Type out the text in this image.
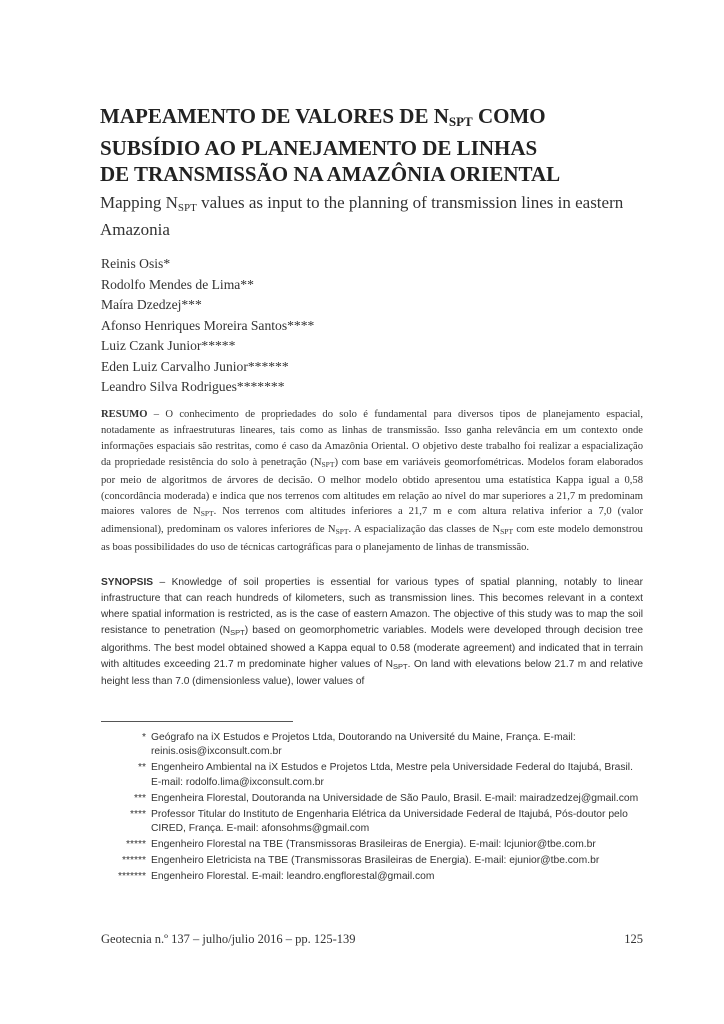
MAPEAMENTO DE VALORES DE $N_{SPT}$ COMO
SUBSÍDIO AO PLANEJAMENTO DE LINHAS
DE TRANSMISSÃO NA AMAZÔNIA ORIENTAL

Mapping $N_{SPT}$ values as input to the planning of transmission lines in eastern Amazonia

Reinis Osis*
Rodolfo Mendes de Lima**
Maíra Dzedzej***
Afonso Henriques Moreira Santos****
Luiz Czank Junior*****
Eden Luiz Carvalho Junior******
Leandro Silva Rodrigues*******

RESUMO – O conhecimento de propriedades do solo é fundamental para diversos tipos de planejamento espacial, notadamente as infraestruturas lineares, tais como as linhas de transmissão. Isso ganha relevância em um contexto onde informações espaciais são restritas, como é caso da Amazônia Oriental. O objetivo deste trabalho foi realizar a espacialização da propriedade resistência do solo à penetração $(N_{SPT})$ com base em variáveis geomorfométricas. Modelos foram elaborados por meio de algoritmos de árvores de decisão. O melhor modelo obtido apresentou uma estatística Kappa igual a 0,58 (concordância moderada) e indica que nos terrenos com altitudes em relação ao nível do mar superiores a 21,7 m predominam maiores valores de $N_{SPT}$. Nos terrenos com altitudes inferiores a 21,7 m e com altura relativa inferior a 7,0 (valor adimensional), predominam os valores inferiores de $N_{SPT}$. A espacialização das classes de $N_{SPT}$ com este modelo demonstrou as boas possibilidades do uso de técnicas cartográficas para o planejamento de linhas de transmissão.

SYNOPSIS – Knowledge of soil properties is essential for various types of spatial planning, notably to linear infrastructure that can reach hundreds of kilometers, such as transmission lines. This becomes relevant in a context where spatial information is restricted, as is the case of eastern Amazon. The objective of this study was to map the soil resistance to penetration $(N_{SPT})$ based on geomorphometric variables. Models were developed through decision tree algorithms. The best model obtained showed a Kappa equal to 0.58 (moderate agreement) and indicated that in terrain with altitudes exceeding 21.7 m predominate higher values of $N_{SPT}$. On land with elevations below 21.7 m and relative height less than 7.0 (dimensionless value), lower values of

* Geógrafo na iX Estudos e Projetos Ltda, Doutorando na Université du Maine, França. E-mail: reinis.osis@ixconsult.com.br
** Engenheiro Ambiental na iX Estudos e Projetos Ltda, Mestre pela Universidade Federal do Itajubá, Brasil. E-mail: rodolfo.lima@ixconsult.com.br
*** Engenheira Florestal, Doutoranda na Universidade de São Paulo, Brasil. E-mail: mairadzedzej@gmail.com
**** Professor Titular do Instituto de Engenharia Elétrica da Universidade Federal de Itajubá, Pós-doutor pelo CIRED, França. E-mail: afonsohms@gmail.com
***** Engenheiro Florestal na TBE (Transmissoras Brasileiras de Energia). E-mail: lcjunior@tbe.com.br
****** Engenheiro Eletricista na TBE (Transmissoras Brasileiras de Energia). E-mail: ejunior@tbe.com.br
******* Engenheiro Florestal. E-mail: leandro.engflorestal@gmail.com
Geotecnia n.º 137 – julho/julio 2016 – pp. 125-139	125
